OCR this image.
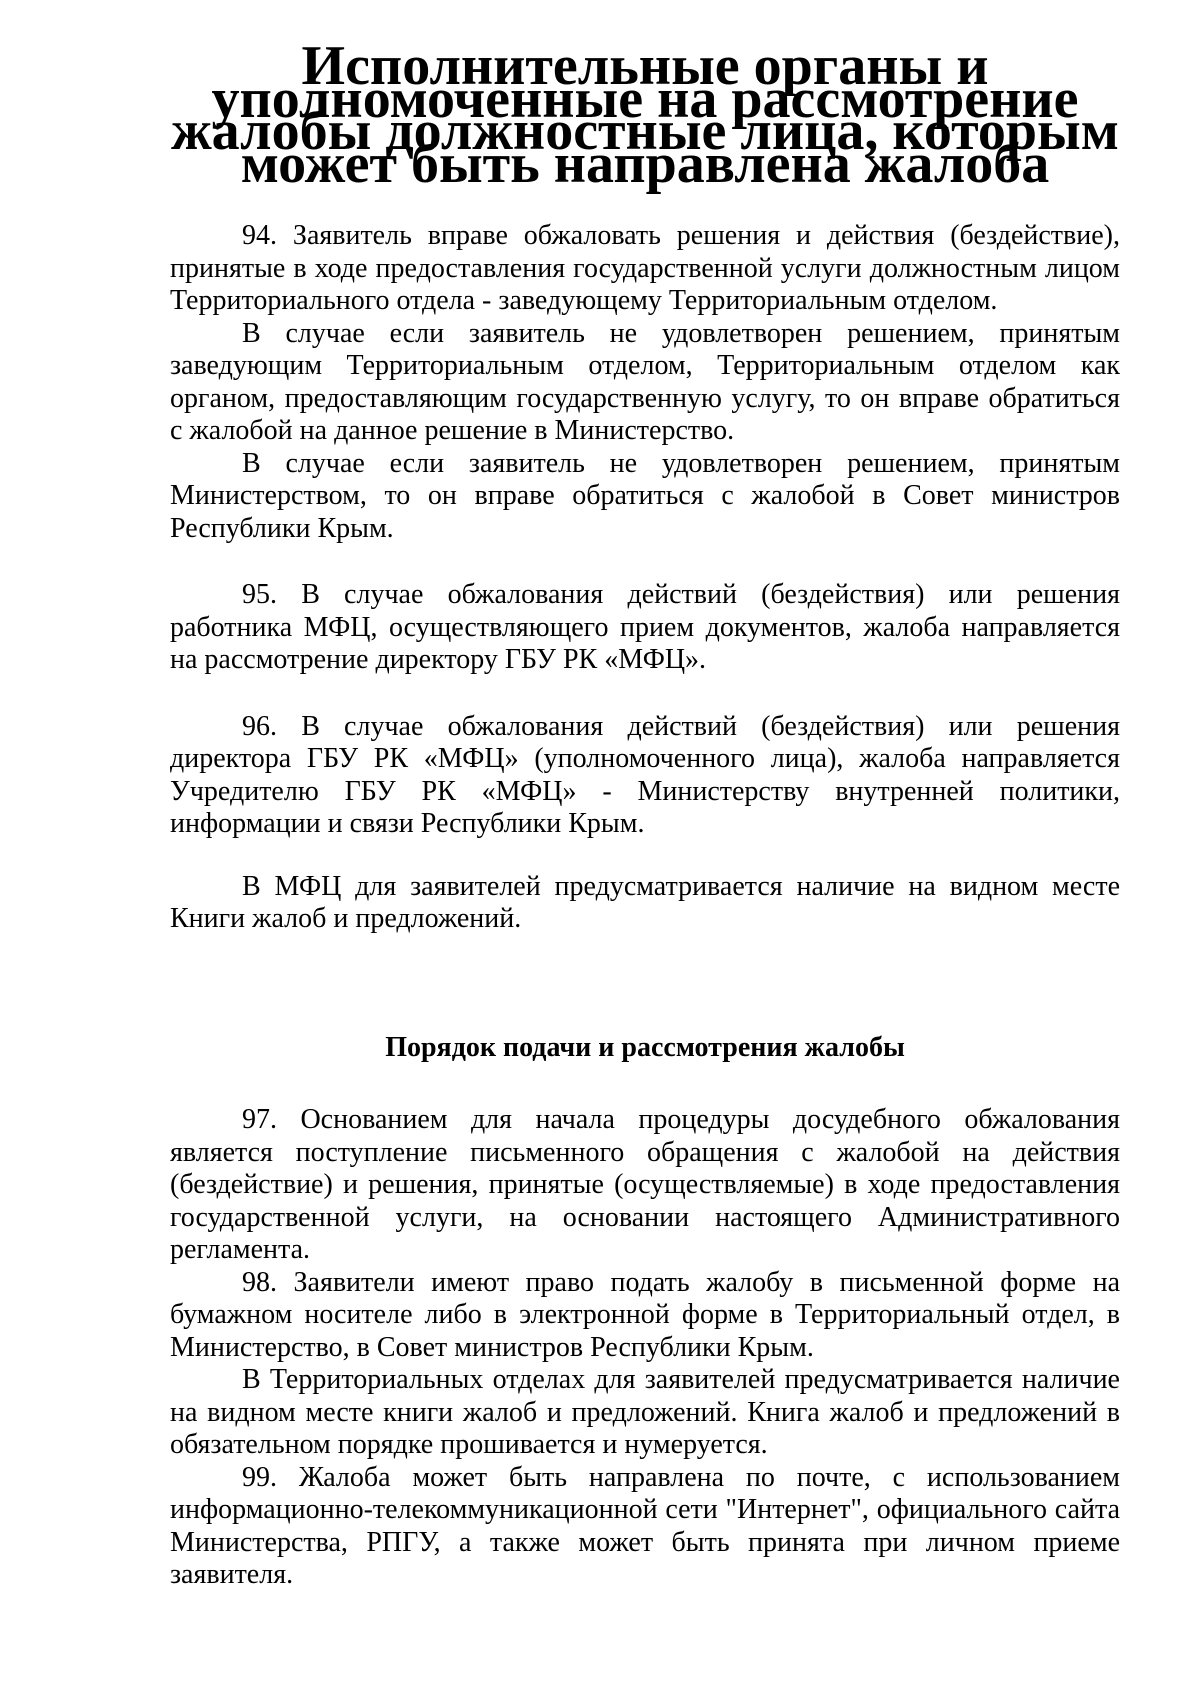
Исполнительные органы и уполномоченные на рассмотрение жалобы должностные лица, которым может быть направлена жалоба

94. Заявитель вправе обжаловать решения и действия (бездействие), принятые в ходе предоставления государственной услуги должностным лицом Территориального отдела - заведующему Территориальным отделом.

В случае если заявитель не удовлетворен решением, принятым заведующим Территориальным отделом, Территориальным отделом как органом, предоставляющим государственную услугу, то он вправе обратиться с жалобой на данное решение в Министерство.

В случае если заявитель не удовлетворен решением, принятым Министерством, то он вправе обратиться с жалобой в Совет министров Республики Крым.

95. В случае обжалования действий (бездействия) или решения работника МФЦ, осуществляющего прием документов, жалоба направляется на рассмотрение директору ГБУ РК «МФЦ».

96. В случае обжалования действий (бездействия) или решения директора ГБУ РК «МФЦ» (уполномоченного лица), жалоба направляется Учредителю ГБУ РК «МФЦ» - Министерству внутренней политики, информации и связи Республики Крым.

В МФЦ для заявителей предусматривается наличие на видном месте Книги жалоб и предложений.

Порядок подачи и рассмотрения жалобы

97. Основанием для начала процедуры досудебного обжалования является поступление письменного обращения с жалобой на действия (бездействие) и решения, принятые (осуществляемые) в ходе предоставления государственной услуги, на основании настоящего Административного регламента.

98. Заявители имеют право подать жалобу в письменной форме на бумажном носителе либо в электронной форме в Территориальный отдел, в Министерство, в Совет министров Республики Крым.

В Территориальных отделах для заявителей предусматривается наличие на видном месте книги жалоб и предложений. Книга жалоб и предложений в обязательном порядке прошивается и нумеруется.

99. Жалоба может быть направлена по почте, с использованием информационно-телекоммуникационной сети "Интернет", официального сайта Министерства, РПГУ, а также может быть принята при личном приеме заявителя.
